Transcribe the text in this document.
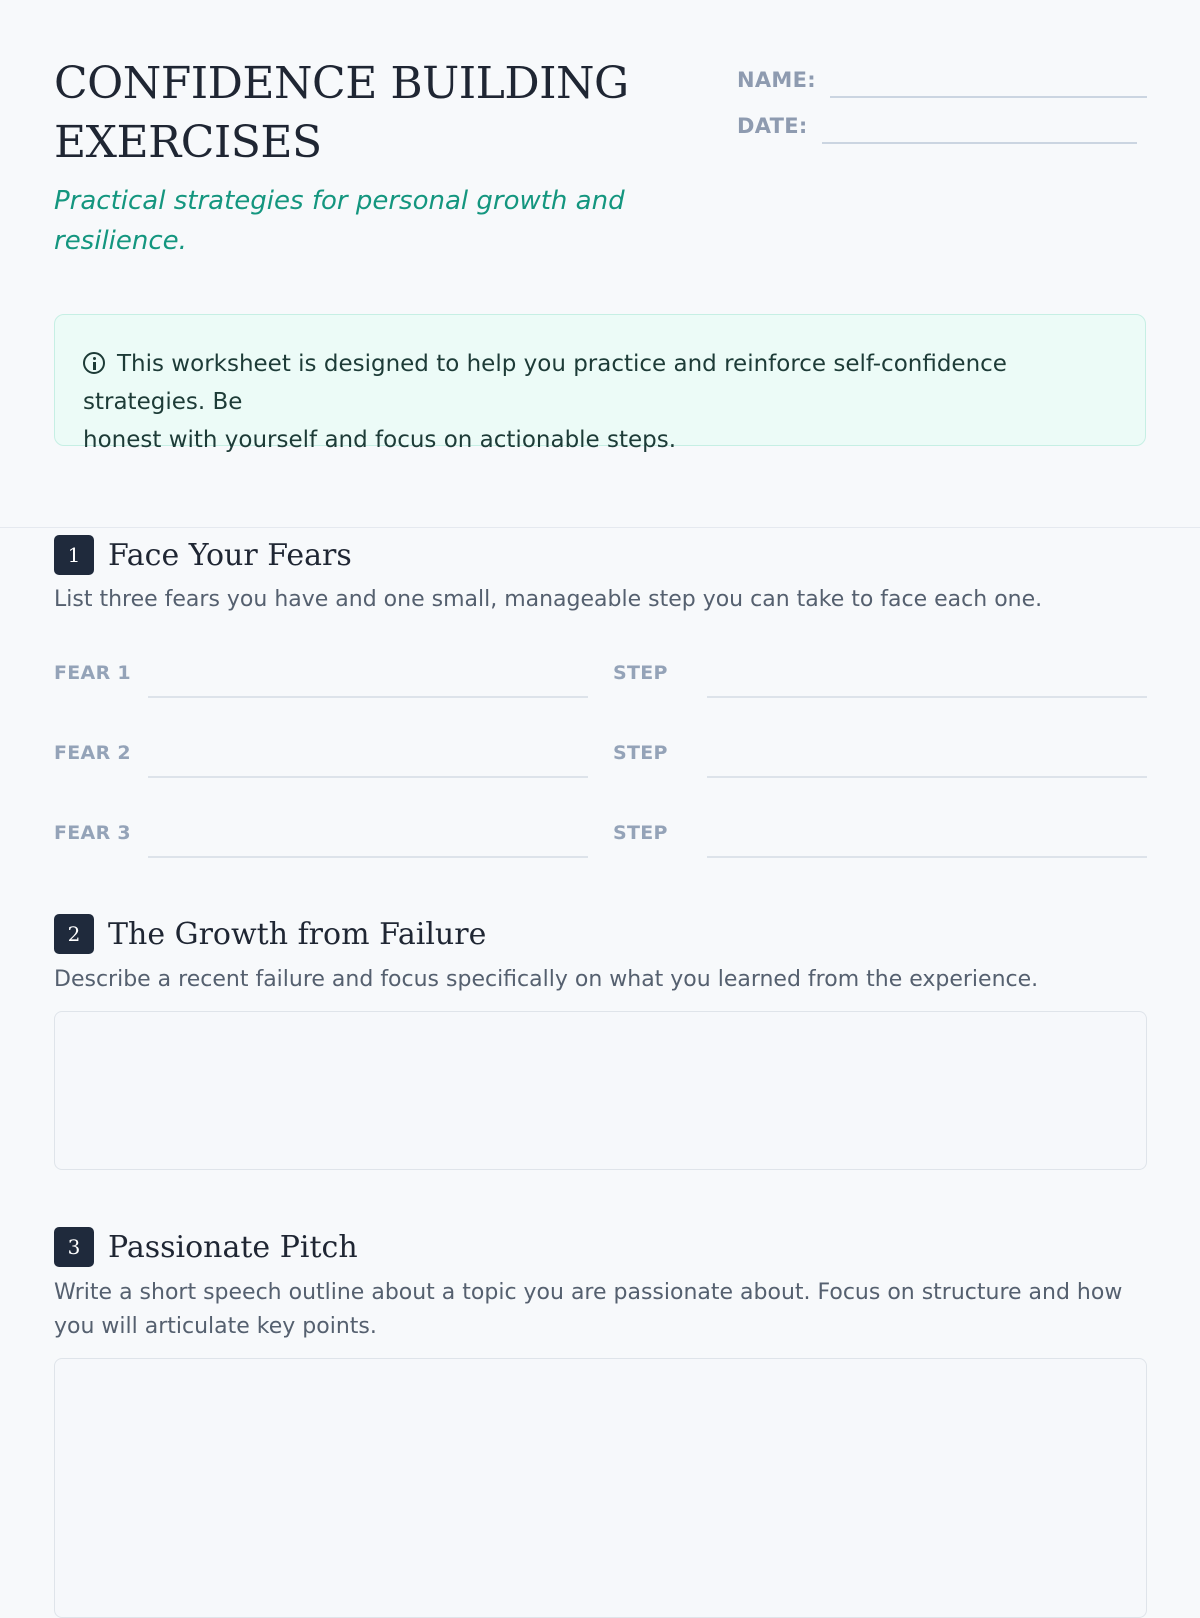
CONFIDENCE BUILDING
EXERCISES
Practical strategies for personal growth and
resilience.
NAME:
DATE:
This worksheet is designed to help you practice and reinforce self-confidence strategies. Be
honest with yourself and focus on actionable steps.
1 Face Your Fears
List three fears you have and one small, manageable step you can take to face each one.
FEAR 1	STEP
FEAR 2	STEP
FEAR 3	STEP
2 The Growth from Failure
Describe a recent failure and focus specifically on what you learned from the experience.
3 Passionate Pitch
Write a short speech outline about a topic you are passionate about. Focus on structure and how
you will articulate key points.
